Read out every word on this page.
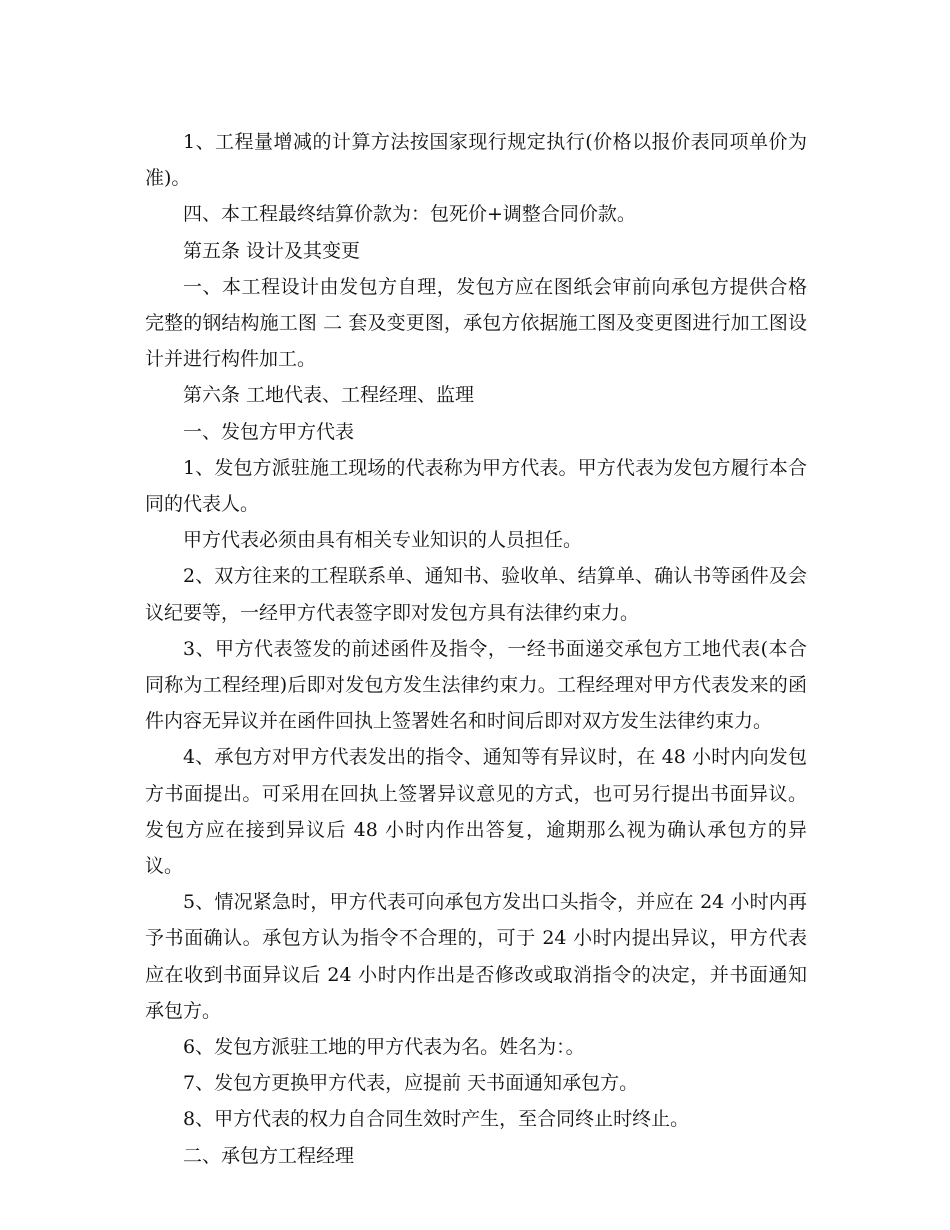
1、工程量增减的计算方法按国家现行规定执行(价格以报价表同项单价为准)。

四、本工程最终结算价款为：包死价+调整合同价款。

第五条 设计及其变更

一、本工程设计由发包方自理，发包方应在图纸会审前向承包方提供合格完整的钢结构施工图 二 套及变更图，承包方依据施工图及变更图进行加工图设计并进行构件加工。

第六条 工地代表、工程经理、监理

一、发包方甲方代表

1、发包方派驻施工现场的代表称为甲方代表。甲方代表为发包方履行本合同的代表人。

甲方代表必须由具有相关专业知识的人员担任。

2、双方往来的工程联系单、通知书、验收单、结算单、确认书等函件及会议纪要等，一经甲方代表签字即对发包方具有法律约束力。

3、甲方代表签发的前述函件及指令，一经书面递交承包方工地代表(本合同称为工程经理)后即对发包方发生法律约束力。工程经理对甲方代表发来的函件内容无异议并在函件回执上签署姓名和时间后即对双方发生法律约束力。

4、承包方对甲方代表发出的指令、通知等有异议时，在 48 小时内向发包方书面提出。可采用在回执上签署异议意见的方式，也可另行提出书面异议。发包方应在接到异议后 48 小时内作出答复，逾期那么视为确认承包方的异议。

5、情况紧急时，甲方代表可向承包方发出口头指令，并应在 24 小时内再予书面确认。承包方认为指令不合理的，可于 24 小时内提出异议，甲方代表应在收到书面异议后 24 小时内作出是否修改或取消指令的决定，并书面通知承包方。

6、发包方派驻工地的甲方代表为名。姓名为：。

7、发包方更换甲方代表，应提前 天书面通知承包方。

8、甲方代表的权力自合同生效时产生，至合同终止时终止。

二、承包方工程经理
